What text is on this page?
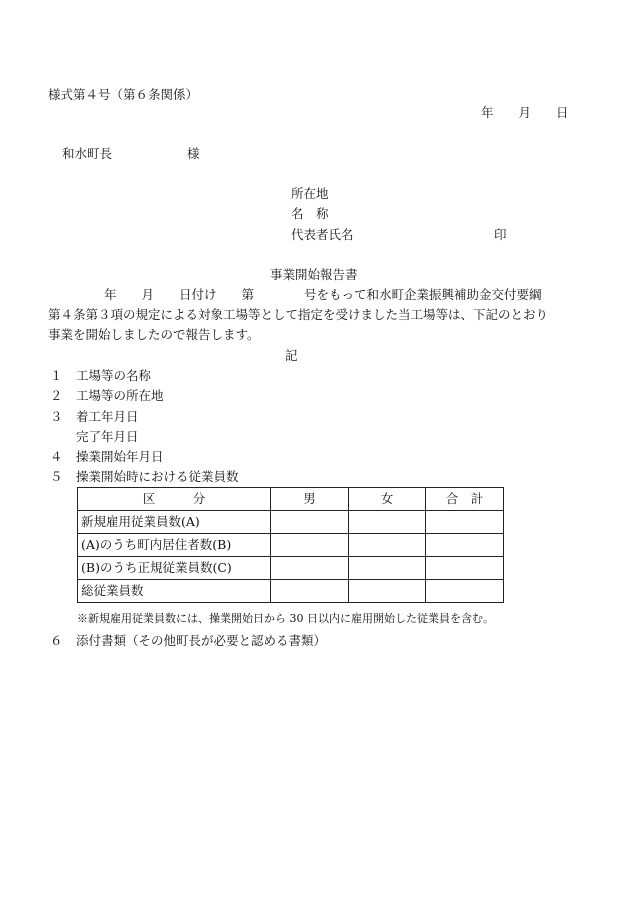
様式第４号（第６条関係）
年　　月　　日
和水町長　　　　　　様
所在地
名　称
代表者氏名	印
事業開始報告書
年　　月　　日付け　　第　　　　号をもって和水町企業振興補助金交付要綱
第４条第３項の規定による対象工場等として指定を受けました当工場等は、下記のとおり
事業を開始しましたので報告します。
記
１ 工場等の名称
２ 工場等の所在地
３ 着工年月日
完了年月日
４ 操業開始年月日
５ 操業開始時における従業員数
区　　　分	男	女	合　計
新規雇用従業員数(A)			
(A)のうち町内居住者数(B)			
(B)のうち正規従業員数(C)			
総従業員数			
※新規雇用従業員数には、操業開始日から 30 日以内に雇用開始した従業員を含む。
６ 添付書類（その他町長が必要と認める書類）
